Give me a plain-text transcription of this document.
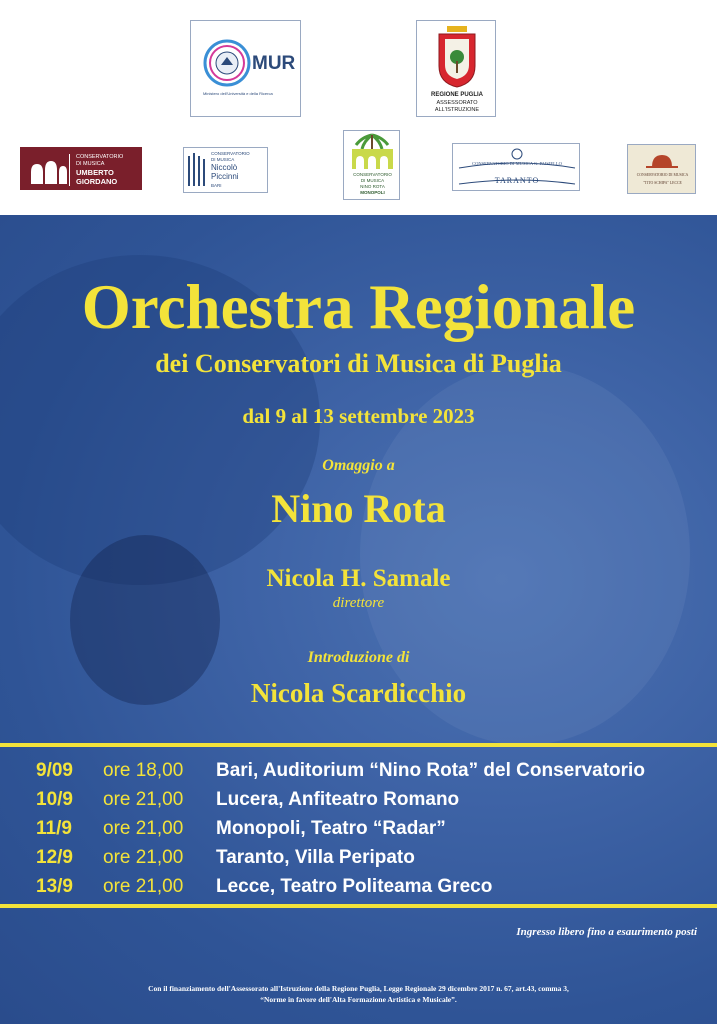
MUR
Ministero dell'Università e della Ricerca	REGIONE PUGLIA
ASSESSORATO
ALL'ISTRUZIONE
CONSERVATORIO
DI MUSICA
UMBERTO
GIORDANO
CONSERVATORIO
DI MUSICA
Niccolò
Piccinni
BARI
CONSERVATORIO
DI MUSICA
NINO ROTA
MONOPOLI
CONSERVATORIO DI MUSICA G. PAISIELLO
TARANTO
CONSERVATORIO DI MUSICA
"TITO SCHIPA" LECCE
Orchestra Regionale
dei Conservatori di Musica di Puglia
dal 9 al 13 settembre 2023
Omaggio a
Nino Rota
Nicola H. Samale
direttore
Introduzione di
Nicola Scardicchio
9/09 ore 18,00 Bari, Auditorium “Nino Rota” del Conservatorio
10/9 ore 21,00 Lucera, Anfiteatro Romano
11/9 ore 21,00 Monopoli, Teatro “Radar”
12/9 ore 21,00 Taranto, Villa Peripato
13/9 ore 21,00 Lecce, Teatro Politeama Greco
Ingresso libero fino a esaurimento posti
Con il finanziamento dell'Assessorato all'Istruzione della Regione Puglia, Legge Regionale 29 dicembre 2017 n. 67, art.43, comma 3,
“Norme in favore dell'Alta Formazione Artistica e Musicale”.
